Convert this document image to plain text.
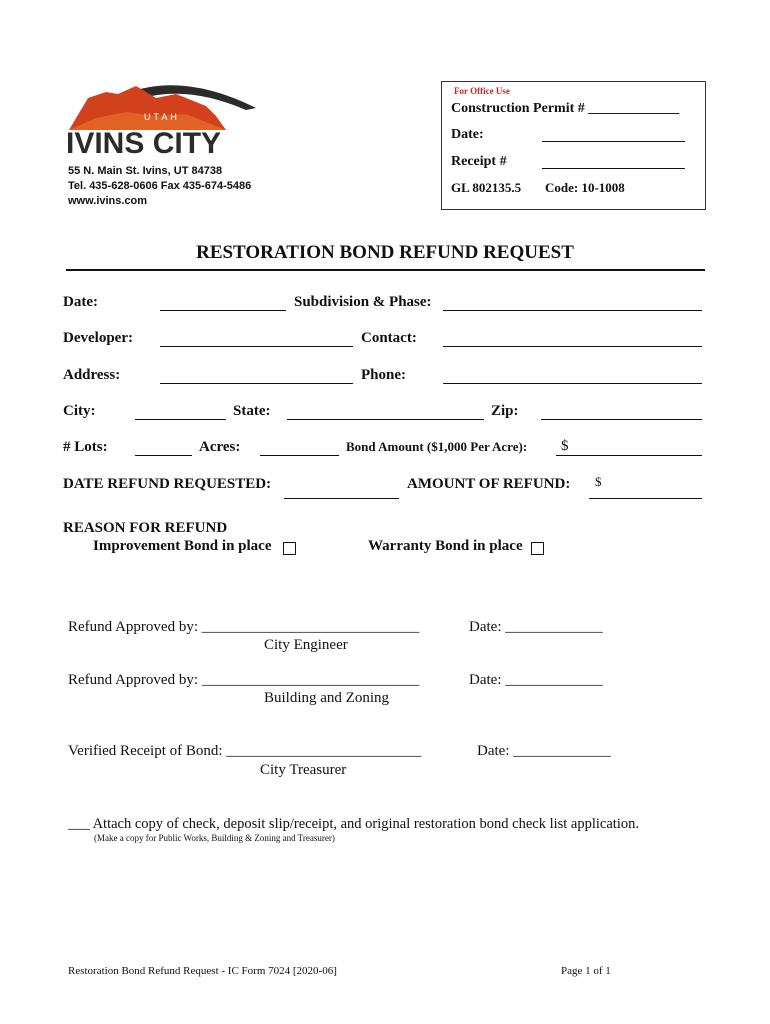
UTAH
IVINS CITY
55 N. Main St. Ivins, UT 84738
Tel. 435-628-0606 Fax 435-674-5486
www.ivins.com
For Office Use
Construction Permit # _____________
Date:
Receipt #
GL 802135.5 Code: 10-1008
RESTORATION BOND REFUND REQUEST
Date:	Subdivision & Phase:
Developer:	Contact:
Address:	Phone:
City:	State:	Zip:
# Lots:	Acres:	Bond Amount ($1,000 Per Acre): $
DATE REFUND REQUESTED:	AMOUNT OF REFUND: $
REASON FOR REFUND
Improvement Bond in place	Warranty Bond in place
Refund Approved by: _____________________________	Date: _____________
City Engineer
Refund Approved by: _____________________________	Date: _____________
Building and Zoning
Verified Receipt of Bond: __________________________	Date: _____________
City Treasurer
___ Attach copy of check, deposit slip/receipt, and original restoration bond check list application.
(Make a copy for Public Works, Building & Zoning and Treasurer)
Restoration Bond Refund Request - IC Form 7024 [2020-06]	Page 1 of 1
